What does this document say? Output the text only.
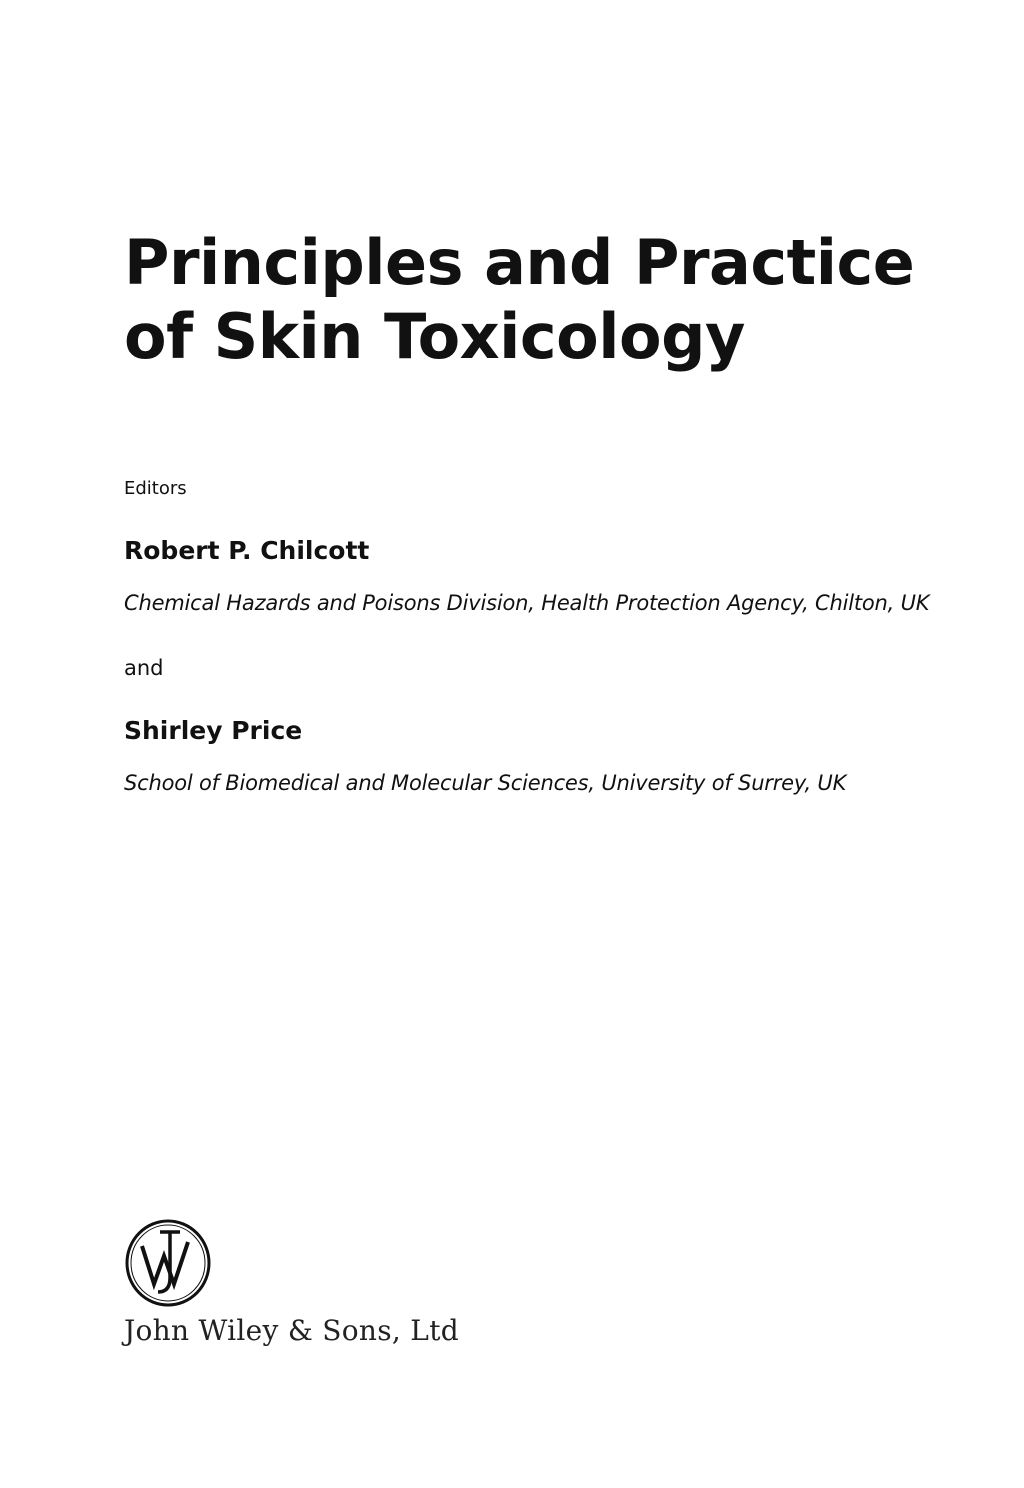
Principles and Practice
of Skin Toxicology
Editors
Robert P. Chilcott
Chemical Hazards and Poisons Division, Health Protection Agency, Chilton, UK
and
Shirley Price
School of Biomedical and Molecular Sciences, University of Surrey, UK
John Wiley & Sons, Ltd
